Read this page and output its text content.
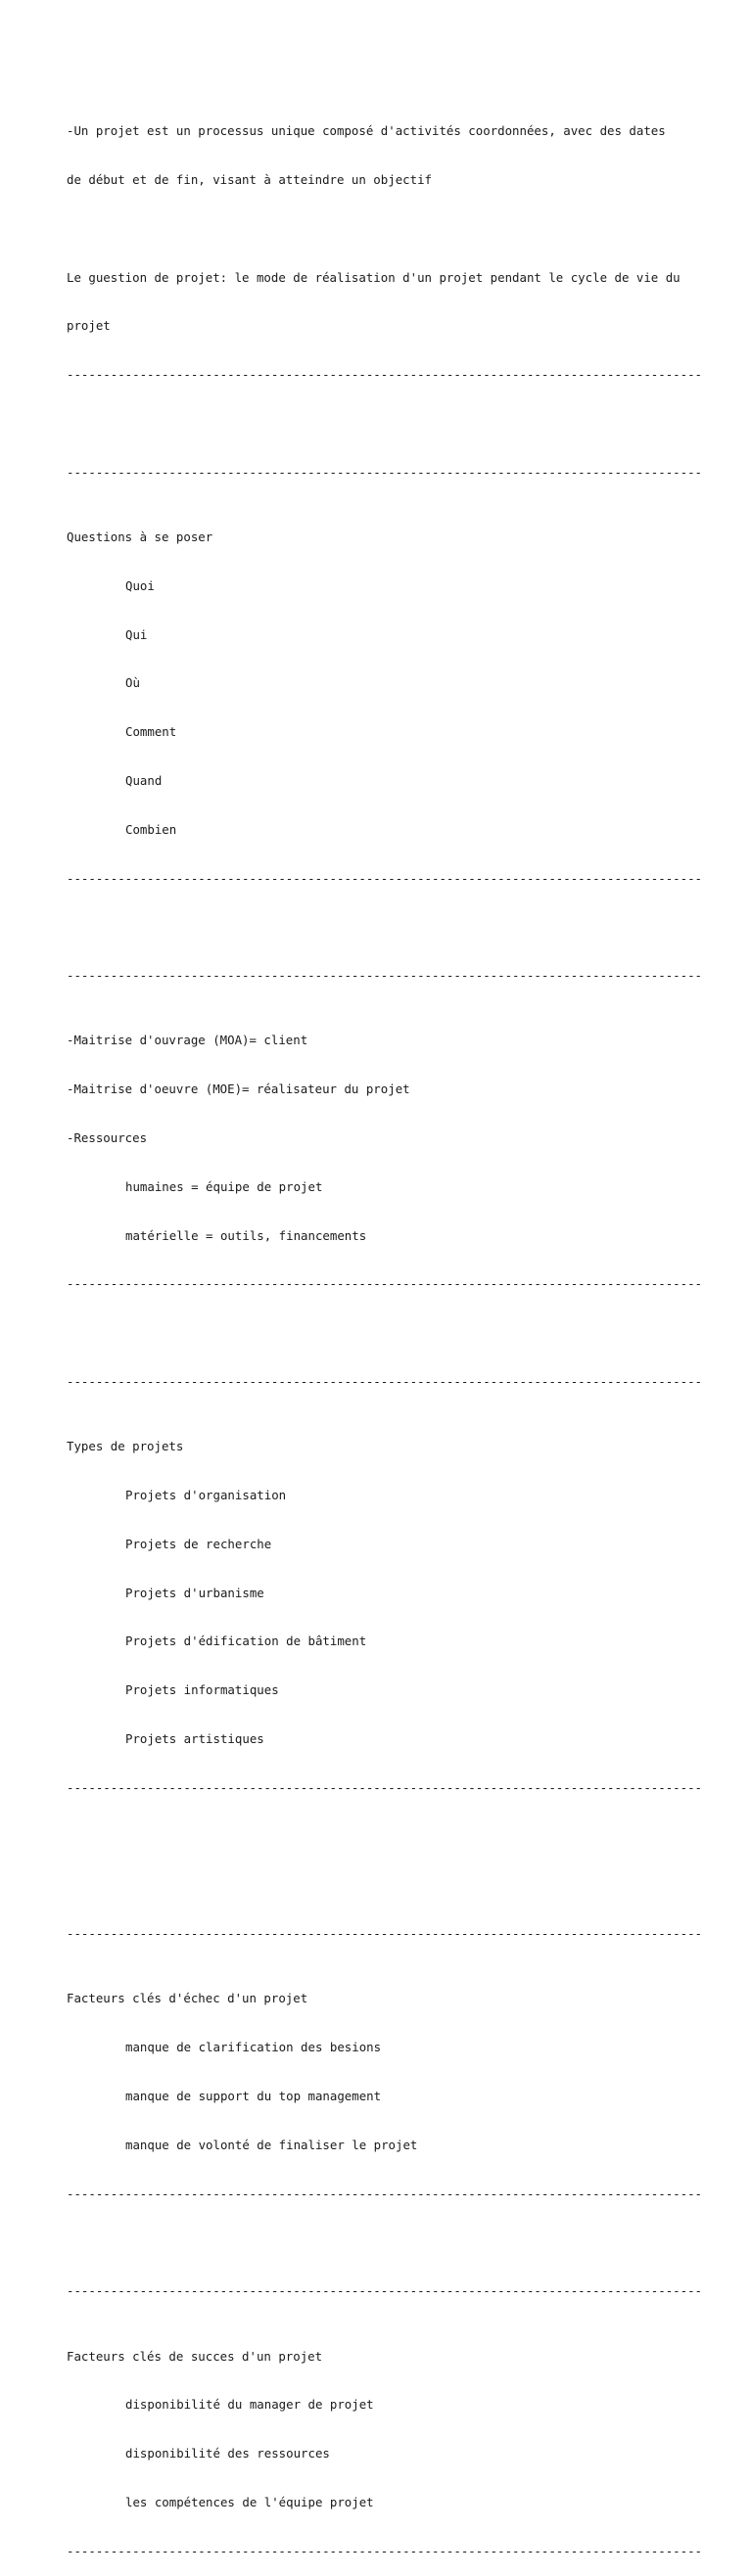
-Un projet est un processus unique composé d'activités coordonnées, avec des dates

de début et de fin, visant à atteindre un objectif

Le guestion de projet: le mode de réalisation d'un projet pendant le cycle de vie du

projet

---------------------------------------------------------------------------------------

---------------------------------------------------------------------------------------

Questions à se poser

Quoi

Qui

Où

Comment

Quand

Combien

---------------------------------------------------------------------------------------

---------------------------------------------------------------------------------------

-Maitrise d'ouvrage (MOA)= client

-Maitrise d'oeuvre (MOE)= réalisateur du projet

-Ressources

humaines = équipe de projet

matérielle = outils, financements

---------------------------------------------------------------------------------------

---------------------------------------------------------------------------------------

Types de projets

Projets d'organisation

Projets de recherche

Projets d'urbanisme

Projets d'édification de bâtiment

Projets informatiques

Projets artistiques

---------------------------------------------------------------------------------------

---------------------------------------------------------------------------------------

Facteurs clés d'échec d'un projet

manque de clarification des besions

manque de support du top management

manque de volonté de finaliser le projet

---------------------------------------------------------------------------------------

---------------------------------------------------------------------------------------

Facteurs clés de succes d'un projet

disponibilité du manager de projet

disponibilité des ressources

les compétences de l'équipe projet

---------------------------------------------------------------------------------------
